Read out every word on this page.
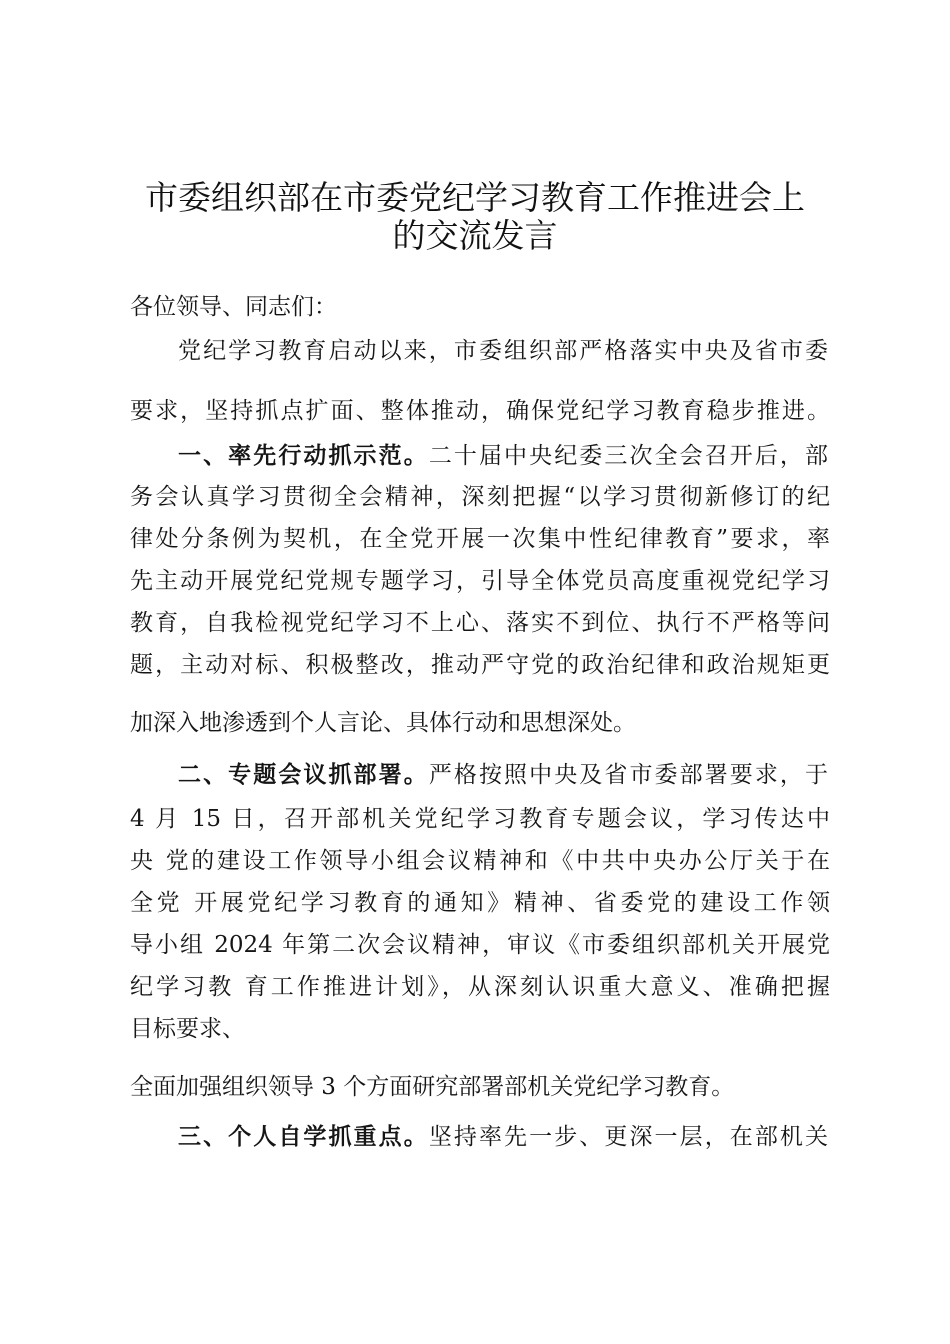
市委组织部在市委党纪学习教育工作推进会上
的交流发言
各位领导、同志们：
党纪学习教育启动以来，市委组织部严格落实中央及省市委
要求，坚持抓点扩面、整体推动，确保党纪学习教育稳步推进。
一、率先行动抓示范。二十届中央纪委三次全会召开后，部
务会认真学习贯彻全会精神，深刻把握“以学习贯彻新修订的纪
律处分条例为契机，在全党开展一次集中性纪律教育”要求，率
先主动开展党纪党规专题学习，引导全体党员高度重视党纪学习
教育，自我检视党纪学习不上心、落实不到位、执行不严格等问
题，主动对标、积极整改，推动严守党的政治纪律和政治规矩更
加深入地渗透到个人言论、具体行动和思想深处。
二、专题会议抓部署。严格按照中央及省市委部署要求，于
4 月 15 日，召开部机关党纪学习教育专题会议，学习传达中
央 党的建设工作领导小组会议精神和《中共中央办公厅关于在
全党 开展党纪学习教育的通知》精神、省委党的建设工作领
导小组 2024 年第二次会议精神，审议《市委组织部机关开展党
纪学习教 育工作推进计划》，从深刻认识重大意义、准确把握
目标要求、
全面加强组织领导 3 个方面研究部署部机关党纪学习教育。
三、个人自学抓重点。坚持率先一步、更深一层，在部机关
